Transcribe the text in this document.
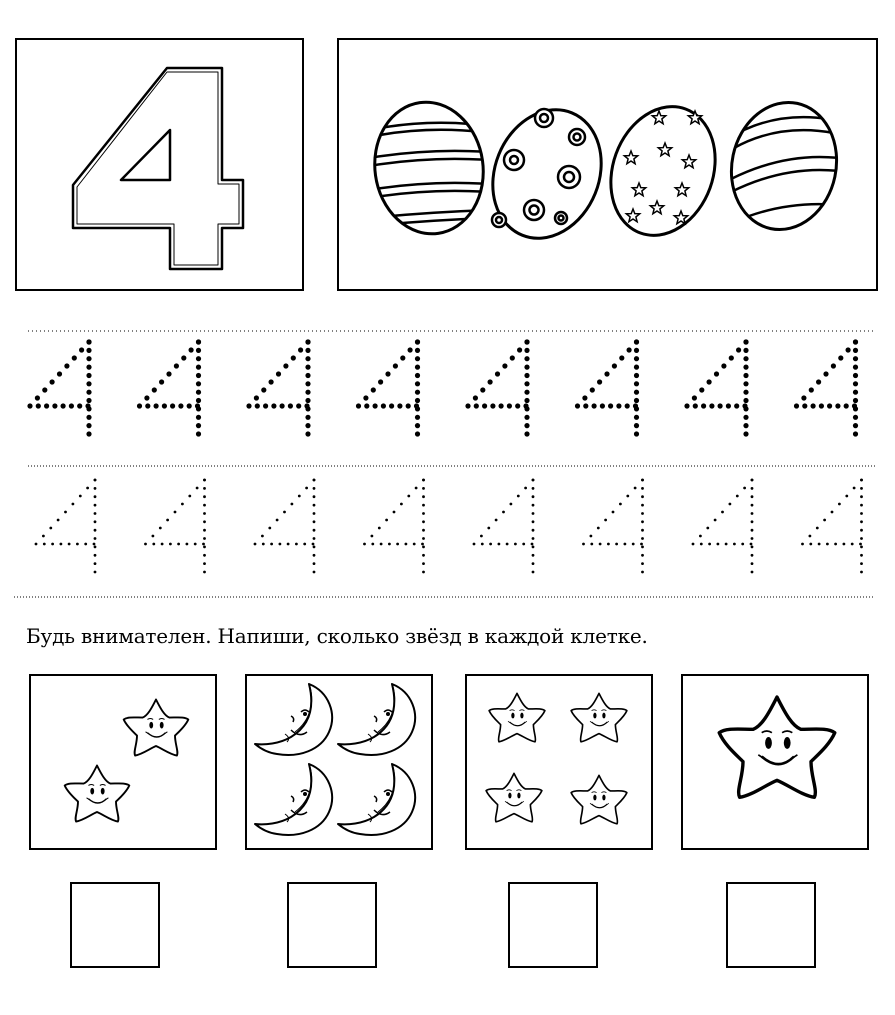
Будь внимателен. Напиши, сколько звёзд в каждой клетке.
